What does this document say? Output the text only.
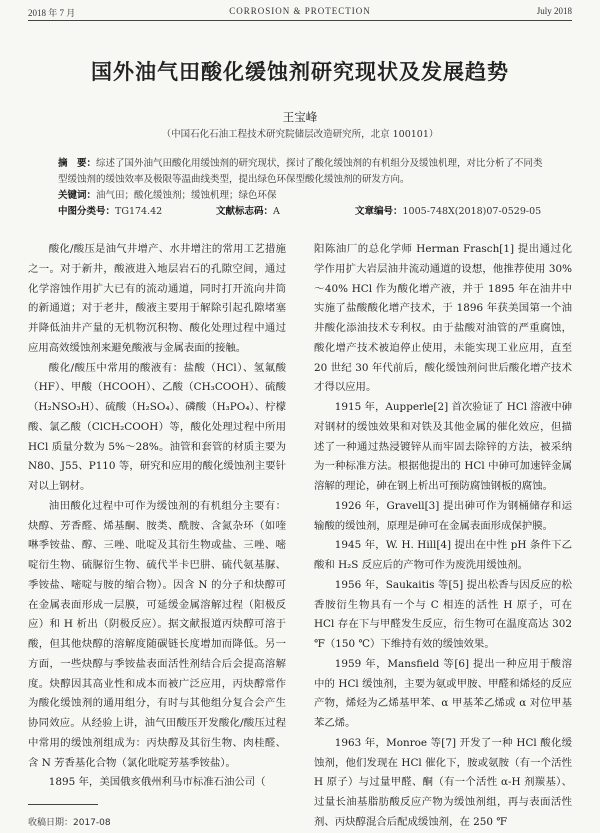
2018 年 7 月	CORROSION & PROTECTION	July 2018
国外油气田酸化缓蚀剂研究现状及发展趋势
王宝峰
（中国石化石油工程技术研究院储层改造研究所，北京 100101）

摘　要：综述了国外油气田酸化用缓蚀剂的研究现状，探讨了酸化缓蚀剂的有机组分及缓蚀机理，对比分析了不同类型缓蚀剂的缓蚀效率及极限等温曲线类型，提出绿色环保型酸化缓蚀剂的研发方向。

关键词：油气田；酸化缓蚀剂；缓蚀机理；绿色环保

中图分类号： TG174.42	文献标志码： A	文章编号： 1005-748X(2018)07-0529-05

酸化/酸压是油气井增产、水井增注的常用工艺措施之一。对于新井，酸液进入地层岩石的孔隙空间，通过化学溶蚀作用扩大已有的流动通道，同时打开流向井筒的新通道；对于老井，酸液主要用于解除引起孔隙堵塞并降低油井产量的无机物沉积物、酸化处理过程中通过应用高效缓蚀剂来避免酸液与金属表面的接触。

酸化/酸压中常用的酸液有：盐酸（HCl）、氢氟酸（HF）、甲酸（HCOOH）、乙酸（CH₃COOH）、硫酸（H₂NSO₃H）、硫酸（H₂SO₄）、磷酸（H₃PO₄）、柠檬酸、氯乙酸（ClCH₂COOH）等，酸化处理过程中所用 HCl 质量分数为 5%～28%。油管和套管的材质主要为 N80、J55、P110 等，研究和应用的酸化缓蚀剂主要针对以上钢材。

油田酸化过程中可作为缓蚀剂的有机组分主要有：炔醇、芳香醛、烯基酮、胺类、酰胺、含氮杂环（如喹啉季铵盐、醇、三唑、吡啶及其衍生物或盐、三唑、嘧啶衍生物、硫脲衍生物、硫代半卡巴肼、硫代氨基脲、季铵盐、嘧啶与胺的缩合物）。因含 N 的分子和炔醇可在金属表面形成一层膜，可延缓金属溶解过程（阳极反应）和 H 析出（阴极反应）。据文献报道丙炔醇可溶于酸，但其他炔醇的溶解度随碳链长度增加而降低。另一方面，一些炔醇与季铵盐表面活性剂结合后会提高溶解度。炔醇因其高业性和成本而被广泛应用，丙炔醇常作为酸化缓蚀剂的通用组分，有时与其他组分复合会产生协同效应。从经验上讲，油气田酸压开发酸化/酸压过程中常用的缓蚀剂组成为：丙炔醇及其衍生物、肉桂醛、含 N 芳香基化合物（氯化吡啶芳基季铵盐）。

1895 年，美国俄亥俄州利马市标准石油公司（

阳陈油厂的总化学师 Herman Frasch[1] 提出通过化学作用扩大岩层油井流动通道的设想，他推荐使用 30%～40% HCl 作为酸化增产液，并于 1895 年在油井中实施了盐酸酸化增产技术，于 1896 年获美国第一个油井酸化添油技术专利权。由于盐酸对油管的严重腐蚀，酸化增产技术被迫停止使用，未能实现工业应用，直至 20 世纪 30 年代前后，酸化缓蚀剂问世后酸化增产技术才得以应用。

1915 年，Aupperle[2] 首次验证了 HCl 溶液中砷对钢材的缓蚀效果和对铁及其他金属的催化效应，但描述了一种通过热浸镀锌从而牢固去除锌的方法，被采纳为一种标准方法。根据他提出的 HCl 中砷可加速锌金属溶解的理论，砷在钢上析出可预防腐蚀钢板的腐蚀。

1926 年，Gravell[3] 提出砷可作为钢桶储存和运输酸的缓蚀剂，原理是砷可在金属表面形成保护膜。

1945 年，W. H. Hill[4] 提出在中性 pH 条件下乙酸和 H₂S 反应后的产物可作为废洗用缓蚀剂。

1956 年，Saukaitis 等[5] 提出松香与因反应的松香胺衍生物具有一个与 C 相连的活性 H 原子，可在 HCl 存在下与甲醛发生反应，衍生物可在温度高达 302 ℉（150 ℃）下维持有效的缓蚀效果。

1959 年，Mansfield 等[6] 提出一种应用于酸溶中的 HCl 缓蚀剂，主要为氨或甲胺、甲醛和烯烃的反应产物，烯烃为乙烯基甲苯、α 甲基苯乙烯或 α 对位甲基苯乙烯。

1963 年，Monroe 等[7] 开发了一种 HCl 酸化缓蚀剂，他们发现在 HCl 催化下，胺或氨胺（有一个活性 H 原子）与过量甲醛、酮（有一个活性 α-H 剂羰基）、过量长油基脂肪酸反应产物为缓蚀剂组，再与表面活性剂、丙炔醇混合后配成缓蚀剂，在 250 ℉

收稿日期：2017-08
